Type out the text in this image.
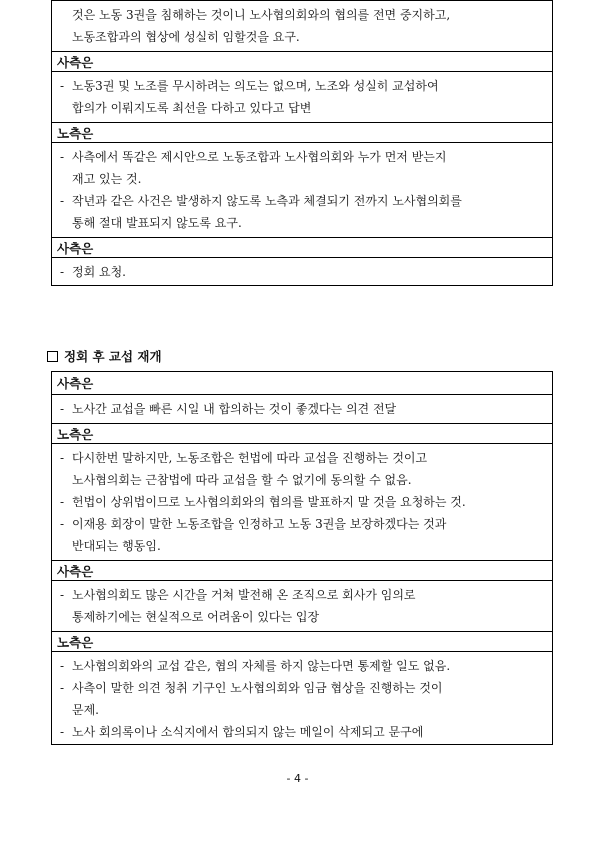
것은 노동 3권을 침해하는 것이니 노사협의회와의 협의를 전면 중지하고,
노동조합과의 협상에 성실히 임할것을 요구.
사측은
- 노동3권 및 노조를 무시하려는 의도는 없으며, 노조와 성실히 교섭하여
합의가 이뤄지도록 최선을 다하고 있다고 답변
노측은
- 사측에서 똑같은 제시안으로 노동조합과 노사협의회와 누가 먼저 받는지
재고 있는 것.
- 작년과 같은 사건은 발생하지 않도록 노측과 체결되기 전까지 노사협의회를
통해 절대 발표되지 않도록 요구.
사측은
- 정회 요청.
정회 후 교섭 재개
사측은
- 노사간 교섭을 빠른 시일 내 합의하는 것이 좋겠다는 의견 전달
노측은
- 다시한번 말하지만, 노동조합은 헌법에 따라 교섭을 진행하는 것이고
노사협의회는 근참법에 따라 교섭을 할 수 없기에 동의할 수 없음.
- 헌법이 상위법이므로 노사협의회와의 협의를 발표하지 말 것을 요청하는 것.
- 이재용 회장이 말한 노동조합을 인정하고 노동 3권을 보장하겠다는 것과
반대되는 행동임.
사측은
- 노사협의회도 많은 시간을 거쳐 발전해 온 조직으로 회사가 임의로
통제하기에는 현실적으로 어려움이 있다는 입장
노측은
- 노사협의회와의 교섭 같은, 협의 자체를 하지 않는다면 통제할 일도 없음.
- 사측이 말한 의견 청취 기구인 노사협의회와 임금 협상을 진행하는 것이
문제.
- 노사 회의록이나 소식지에서 합의되지 않는 메일이 삭제되고 문구에
- 4 -
